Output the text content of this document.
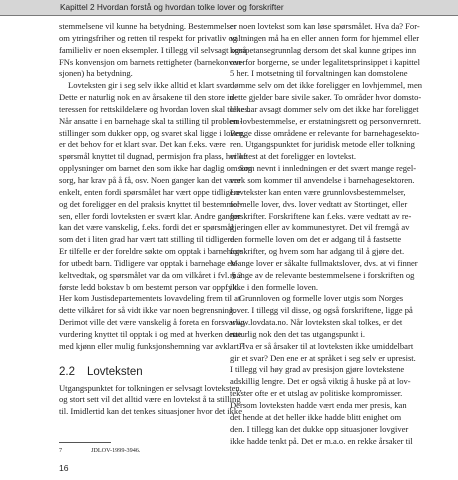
Kapittel 2 Hvordan forstå og hvordan tolke lover og forskrifter
stemmelsene vil kunne ha betydning. Bestemmelser
om ytringsfriher og retten til respekt for privatliv og
familieliv er noen eksempler. I tillegg vil selvsagt også
FNs konvensjon om barnets rettigheter (barnekonven-
sjonen) ha betydning.
Lovteksten gir i seg selv ikke alltid et klart svar.
Dette er naturlig nok en av årsakene til den store in-
teressen for rettskildelære og hvordan loven skal tolkes.
Når ansatte i en barnehage skal ta stilling til problem-
stillinger som dukker opp, og svaret skal ligge i loven,
er det behov for et klart svar. Det kan f.eks. være
spørsmål knyttet til dugnad, permisjon fra plass, hvilke
opplysninger om barnet den som ikke har daglig omsorg
sorg, har krav på å få, osv. Noen ganger kan det være
enkelt, enten fordi spørsmålet har vært oppe tidligere
og det foreligger en del praksis knyttet til bestemmel-
sen, eller fordi lovteksten er svært klar. Andre ganger
kan det være vanskelig, f.eks. fordi det er spørsmål
som det i liten grad har vært tatt stilling til tidligere.
Er tilfelle er der foreldre søkte om opptak i barnehage
for utbedt barn. Tidligere var opptak i barnehage en-
keltvedtak, og spørsmålet var da om vilkåret i fvl. § 2
første ledd bokstav b om bestemt person var oppfylt.
Her kom Justisdepartementets lovavdeling frem til at
dette vilkåret for så vidt ikke var noen begrensning.
Derimot ville det være vanskelig å foreta en forsvarlig
vurdering knyttet til opptak i og med at hverken dette
med kjønn eller mulig funksjonshemning var avklart.⁷
2.2 Lovteksten
Utgangspunktet for tolkningen er selvsagt lovteksten,
og stort sett vil det alltid være en lovtekst å ta stilling
til. Imidlertid kan det tenkes situasjoner hvor det ikke
er noen lovtekst som kan løse spørsmålet. Hva da? For-
valtningen må ha en eller annen form for hjemmel eller
kompetansegrunnlag dersom det skal kunne gripes inn
overfor borgerne, se under legalitetsprinsippet i kapittel
5 her. I motsetning til forvaltningen kan domstolene
dømme selv om det ikke foreligger en lovhjemmel, men
dette gjelder bare sivile saker. To områder hvor domsto-
lene har avsagt dommer selv om det ikke har foreligget
en lovbestemmelse, er erstatningsrett og personvernrett.
Begge disse områdene er relevante for barnehagesekto-
ren. Utgangspunktet for juridisk metode eller tolkning
er oftest at det foreligger en lovtekst.
Som nevnt i innledningen er det svært mange regel-
verk som kommer til anvendelse i barnehagesektoren.
Lovtekster kan enten være grunnlovsbestemmelser,
formelle lover, dvs. lover vedtatt av Stortinget, eller
forskrifter. Forskriftene kan f.eks. være vedtatt av re-
gjeringen eller av kommunestyret. Det vil fremgå av
den formelle loven om det er adgang til å fastsette
forskrifter, og hvem som har adgang til å gjøre det.
Mange lover er såkalte fullmaktslover, dvs. at vi finner
mange av de relevante bestemmelsene i forskriften og
ikke i den formelle loven.
Grunnloven og formelle lover utgis som Norges
lover. I tillegg vil disse, og også forskriftene, ligge på
www.lovdata.no. Når lovteksten skal tolkes, er det
naturlig nok den det tas utgangspunkt i.
Hva er så årsaker til at lovteksten ikke umiddelbart
gir et svar? Den ene er at språket i seg selv er upresist.
I tillegg vil høy grad av presisjon gjøre lovtekstene
adskillig lengre. Det er også viktig å huske på at lov-
tekster ofte er et utslag av politiske kompromisser.
Dersom lovteksten hadde vært enda mer presis, kan
det hende at det heller ikke hadde blitt enighet om
den. I tillegg kan det dukke opp situasjoner lovgiver
ikke hadde tenkt på. Det er m.a.o. en rekke årsaker til
7	JDLOV-1999-3946.
16
